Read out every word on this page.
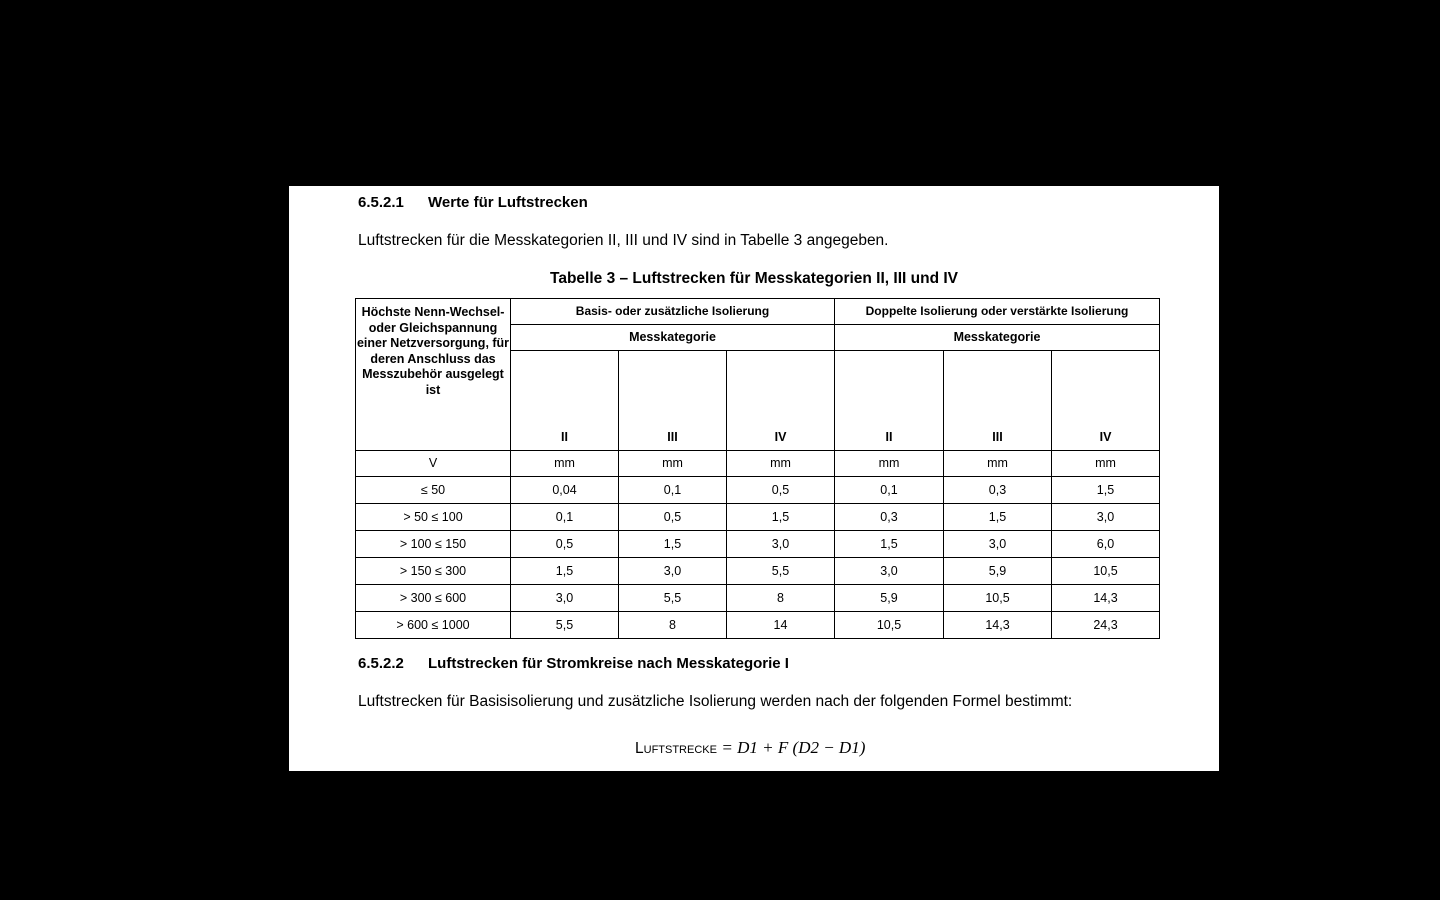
6.5.2.1 Werte für Luftstrecken
Luftstrecken für die Messkategorien II, III und IV sind in Tabelle 3 angegeben.
Tabelle 3 – Luftstrecken für Messkategorien II, III und IV
Höchste Nenn-Wechsel- oder Gleichspannung einer Netzversorgung, für deren Anschluss das Messzubehör ausgelegt ist	Basis- oder zusätzliche Isolierung			Doppelte Isolierung oder verstärkte Isolierung		
	Messkategorie			Messkategorie		
	II	III	IV	II	III	IV
V	mm	mm	mm	mm	mm	mm
≤ 50	0,04	0,1	0,5	0,1	0,3	1,5
> 50 ≤ 100	0,1	0,5	1,5	0,3	1,5	3,0
> 100 ≤ 150	0,5	1,5	3,0	1,5	3,0	6,0
> 150 ≤ 300	1,5	3,0	5,5	3,0	5,9	10,5
> 300 ≤ 600	3,0	5,5	8	5,9	10,5	14,3
> 600 ≤ 1000	5,5	8	14	10,5	14,3	24,3
6.5.2.2 Luftstrecken für Stromkreise nach Messkategorie I
Luftstrecken für Basisisolierung und zusätzliche Isolierung werden nach der folgenden Formel bestimmt:
Luftstrecke = D1 + F (D2 − D1)
